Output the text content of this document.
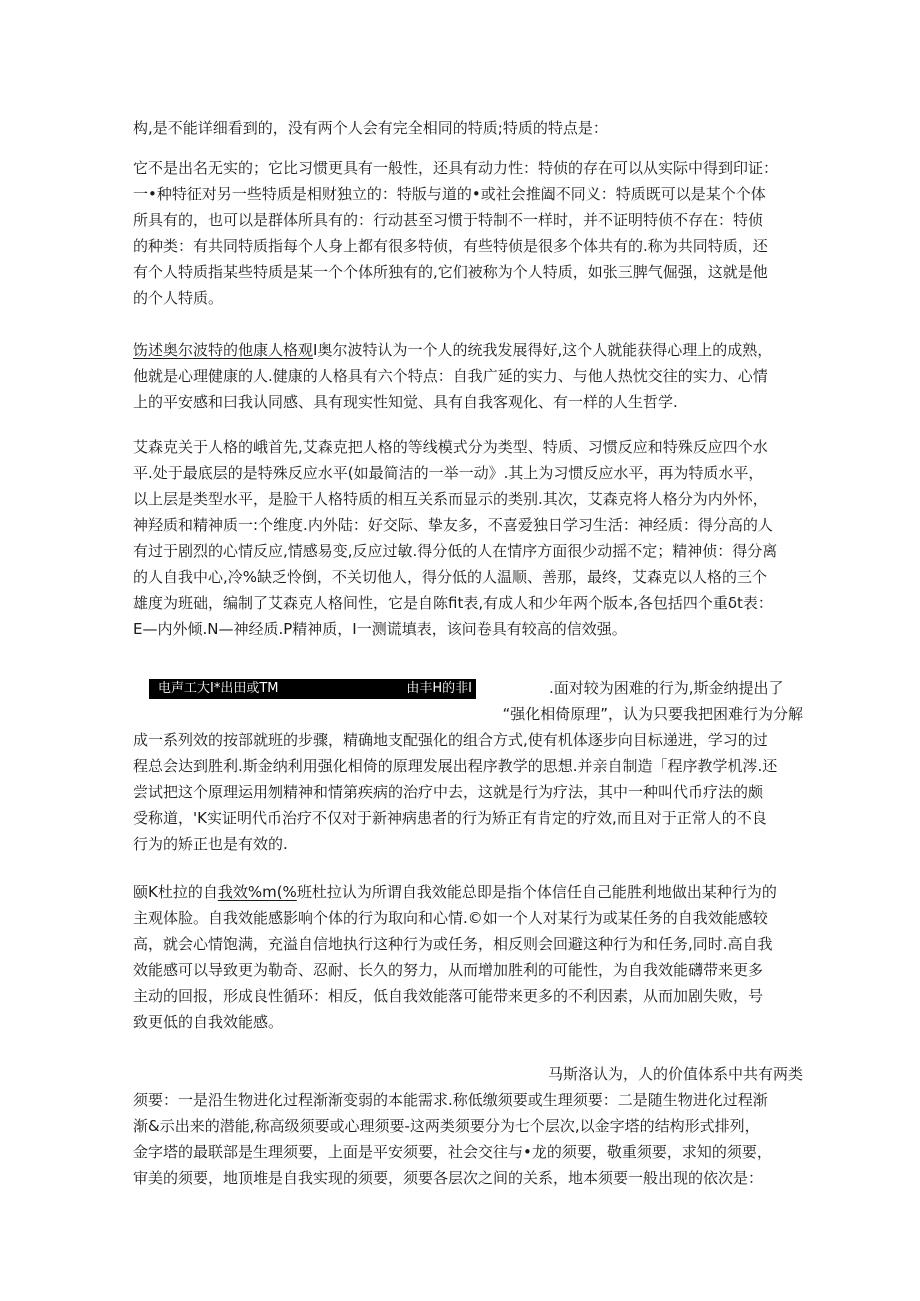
构,是不能详细看到的，没有两个人会有完全相同的特质;特质的特点是：
它不是出名无实的；它比习惯更具有一般性，还具有动力性：特侦的存在可以从实际中得到印证：
一•种特征对另一些特质是相财独立的：特版与道的•或社会推阖不同义：特质既可以是某个个体
所具有的，也可以是群体所具有的：行动甚至习惯于特制不一样时，并不证明特侦不存在：特侦
的种类：有共同特质指每个人身上都有很多特侦，有些特侦是很多个体共有的.称为共同特质，还
有个人特质指某些特质是某一个个体所独有的,它们被称为个人特质，如张三脾气倔强，这就是他
的个人特质。
饬述奥尔波特的他康人格观I奥尔波特认为一个人的统我发展得好,这个人就能获得心理上的成熟，
他就是心理健康的人.健康的人格具有六个特点：自我广延的实力、与他人热忱交往的实力、心情
上的平安感和曰我认同感、具有现实性知觉、具有自我客观化、有一样的人生哲学.
艾森克关于人格的峨首先,艾森克把人格的等线模式分为类型、特质、习惯反应和特殊反应四个水
平.处于最底层的是特殊反应水平(如最简洁的一举一动》.其上为习惯反应水平，再为特质水平，
以上层是类型水平，是脸干人格特质的相互关系而显示的类别.其次，艾森克将人格分为内外怀，
神羟质和精神质一:个维度.内外陆：好交际、挚友多，不喜爱独日学习生活：神经质：得分高的人
有过于剧烈的心情反应,情感易变,反应过敏.得分低的人在情序方面很少动摇不定；精神侦：得分离
的人自我中心,冷%缺乏怜倒，不关切他人，得分低的人温顺、善那，最终，艾森克以人格的三个
雄度为班础，编制了艾森克人格间性，它是自陈fit表,有成人和少年两个版本,各包括四个重δt表：
E—内外倾.N—神经质.P精神质，I一测谎填表，该问卷具有较高的信效强。
电声工大I*出田或TM	由丰H的非I	.面对较为困难的行为,斯金纳提出了
“强化相倚原理”，认为只要我把困难行为分解
成一系列效的按部就班的步骤，精确地支配强化的组合方式,使有机体逐步向目标递进，学习的过
程总会达到胜利.斯金纳利用强化相倚的原理发展出程序教学的思想.并亲自制造「程序教学机涔.还
尝试把这个原理运用刎精神和情第疾病的治疗中去，这就是行为疗法，其中一种叫代币疗法的颇
受称道，'K实证明代币治疗不仅对于新神病患者的行为矫正有肯定的疗效,而且对于正常人的不良
行为的矫正也是有效的.
颐K杜拉的自我效%m(%班杜拉认为所谓自我效能总即是指个体信任自己能胜利地做出某种行为的
主观体脸。自我效能感影响个体的行为取向和心情.©如一个人对某行为或某任务的自我效能感较
高，就会心情饱满，充溢自信地执行这种行为或任务，相反则会回避这种行为和任务,同时.高自我
效能感可以导致更为勒奇、忍耐、长久的努力，从而增加胜利的可能性，为自我效能礴带来更多
主动的回报，形成良性循环：相反，低自我效能落可能带来更多的不利因素，从而加剧失败，号
致更低的自我效能感。
马斯洛认为，人的价值体系中共有两类
须要：一是沿生物进化过程渐渐变弱的本能需求.称低缴须要或生理须要：二是随生物进化过程渐
渐&示出来的潜能,称高级须要或心理须要-这两类须要分为七个层次,以金字塔的结构形式排列，
金字塔的最联部是生理须要，上面是平安须要，社会交往与•龙的须要，敬重须要，求知的须要，
审美的须要，地顶堆是自我实现的须要，须要各层次之间的关系，地本须要一般出现的依次是：
